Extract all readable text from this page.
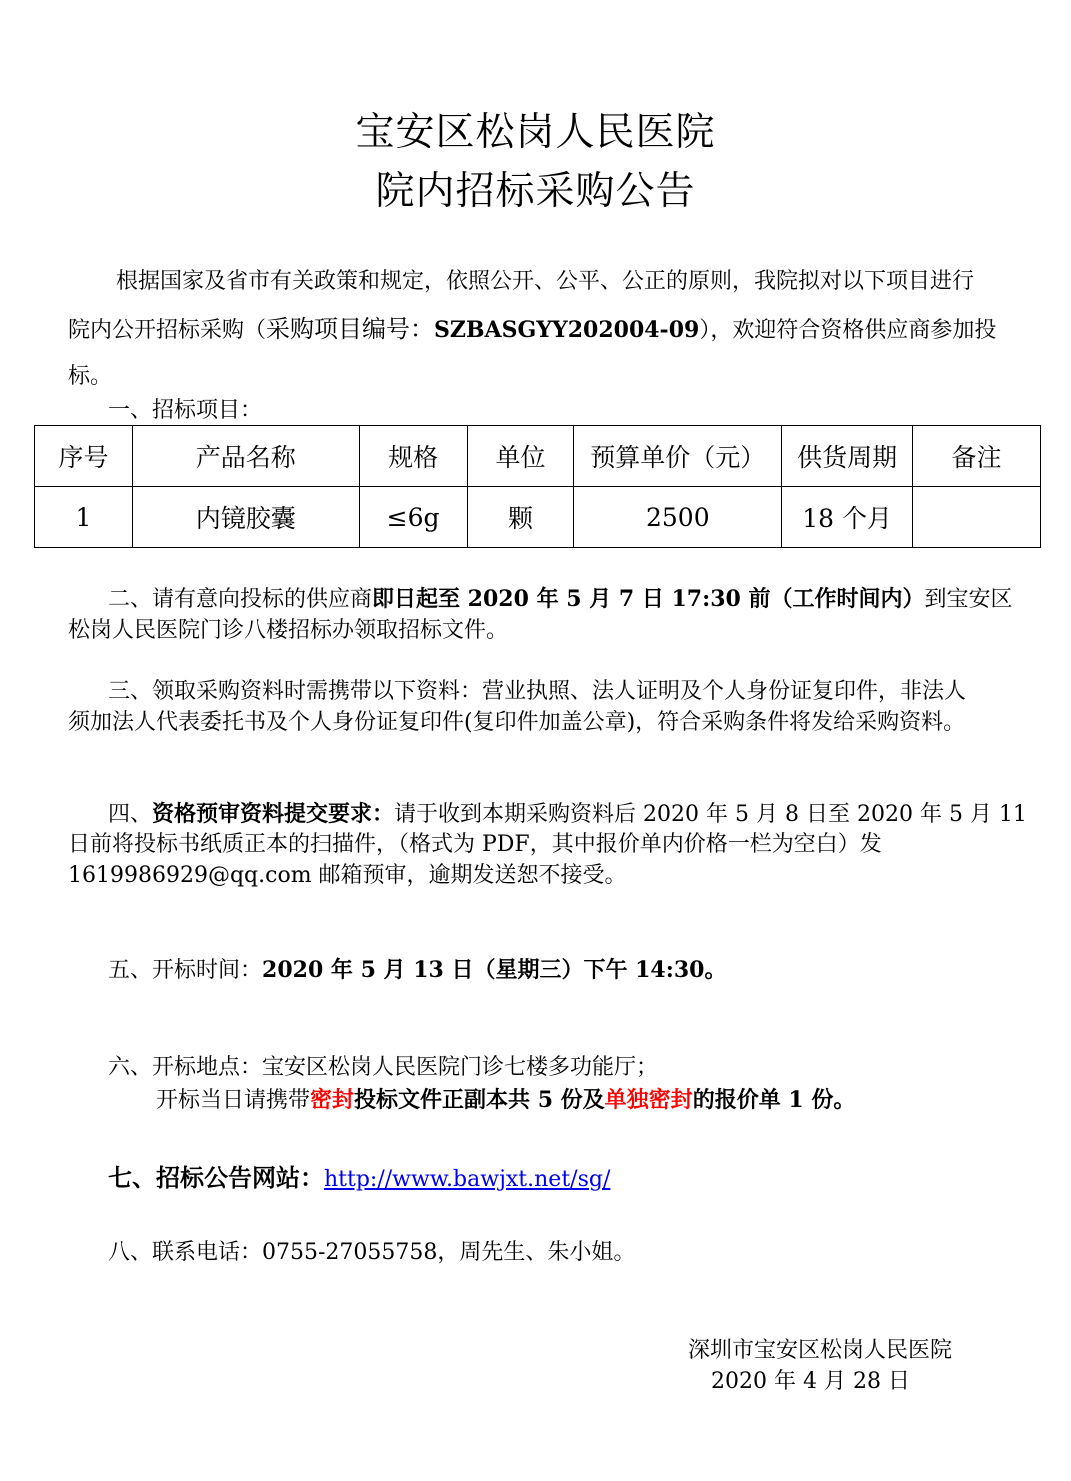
宝安区松岗人民医院
院内招标采购公告
根据国家及省市有关政策和规定，依照公开、公平、公正的原则，我院拟对以下项目进行
院内公开招标采购（采购项目编号：SZBASGYY202004-09），欢迎符合资格供应商参加投
标。
一、招标项目：
序号	产品名称	规格	单位	预算单价（元）	供货周期	备注
1	内镜胶囊	≤6g	颗	2500	18 个月	
二、请有意向投标的供应商即日起至 2020 年 5 月 7 日 17:30 前（工作时间内）到宝安区
松岗人民医院门诊八楼招标办领取招标文件。
三、领取采购资料时需携带以下资料：营业执照、法人证明及个人身份证复印件，非法人
须加法人代表委托书及个人身份证复印件(复印件加盖公章)，符合采购条件将发给采购资料。
四、资格预审资料提交要求：请于收到本期采购资料后 2020 年 5 月 8 日至 2020 年 5 月 11
日前将投标书纸质正本的扫描件，（格式为 PDF，其中报价单内价格一栏为空白）发
1619986929@qq.com 邮箱预审，逾期发送恕不接受。
五、开标时间：2020 年 5 月 13 日（星期三）下午 14:30。
六、开标地点：宝安区松岗人民医院门诊七楼多功能厅；
开标当日请携带密封投标文件正副本共 5 份及单独密封的报价单 1 份。
七、招标公告网站：http://www.bawjxt.net/sg/
八、联系电话：0755-27055758，周先生、朱小姐。
深圳市宝安区松岗人民医院
2020 年 4 月 28 日
